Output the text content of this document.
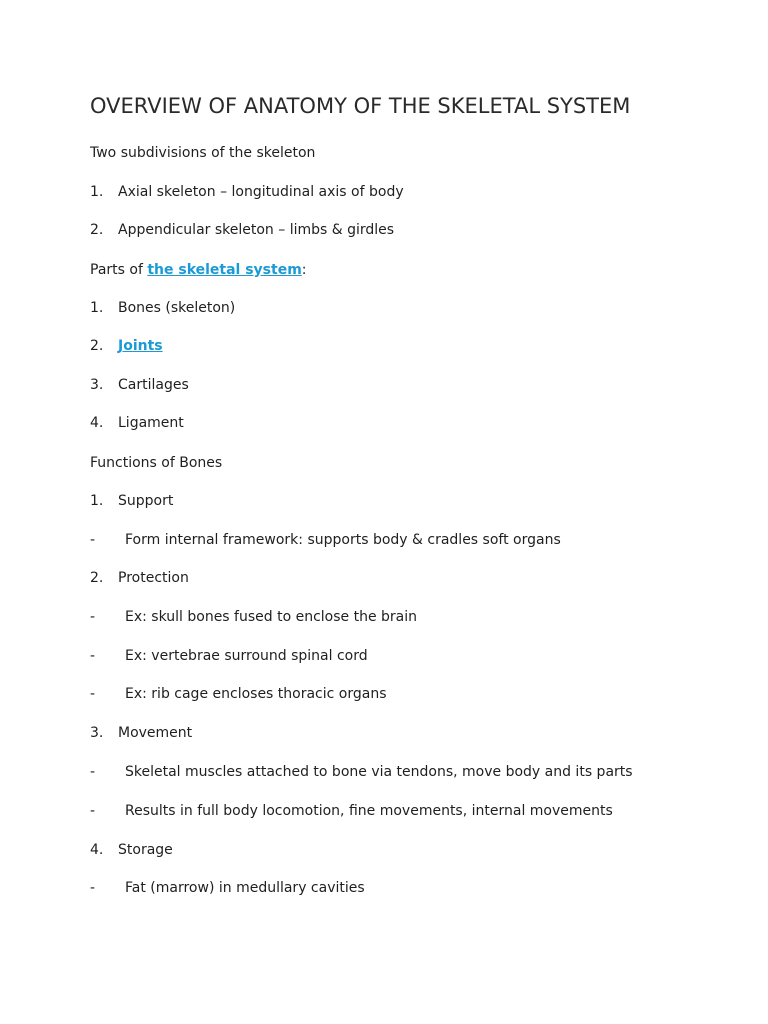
OVERVIEW OF ANATOMY OF THE SKELETAL SYSTEM
Two subdivisions of the skeleton
1. Axial skeleton – longitudinal axis of body
2. Appendicular skeleton – limbs & girdles
Parts of the skeletal system:
1. Bones (skeleton)
2. Joints
3. Cartilages
4. Ligament
Functions of Bones
1. Support
- Form internal framework: supports body & cradles soft organs
2. Protection
- Ex: skull bones fused to enclose the brain
- Ex: vertebrae surround spinal cord
- Ex: rib cage encloses thoracic organs
3. Movement
- Skeletal muscles attached to bone via tendons, move body and its parts
- Results in full body locomotion, fine movements, internal movements
4. Storage
- Fat (marrow) in medullary cavities
